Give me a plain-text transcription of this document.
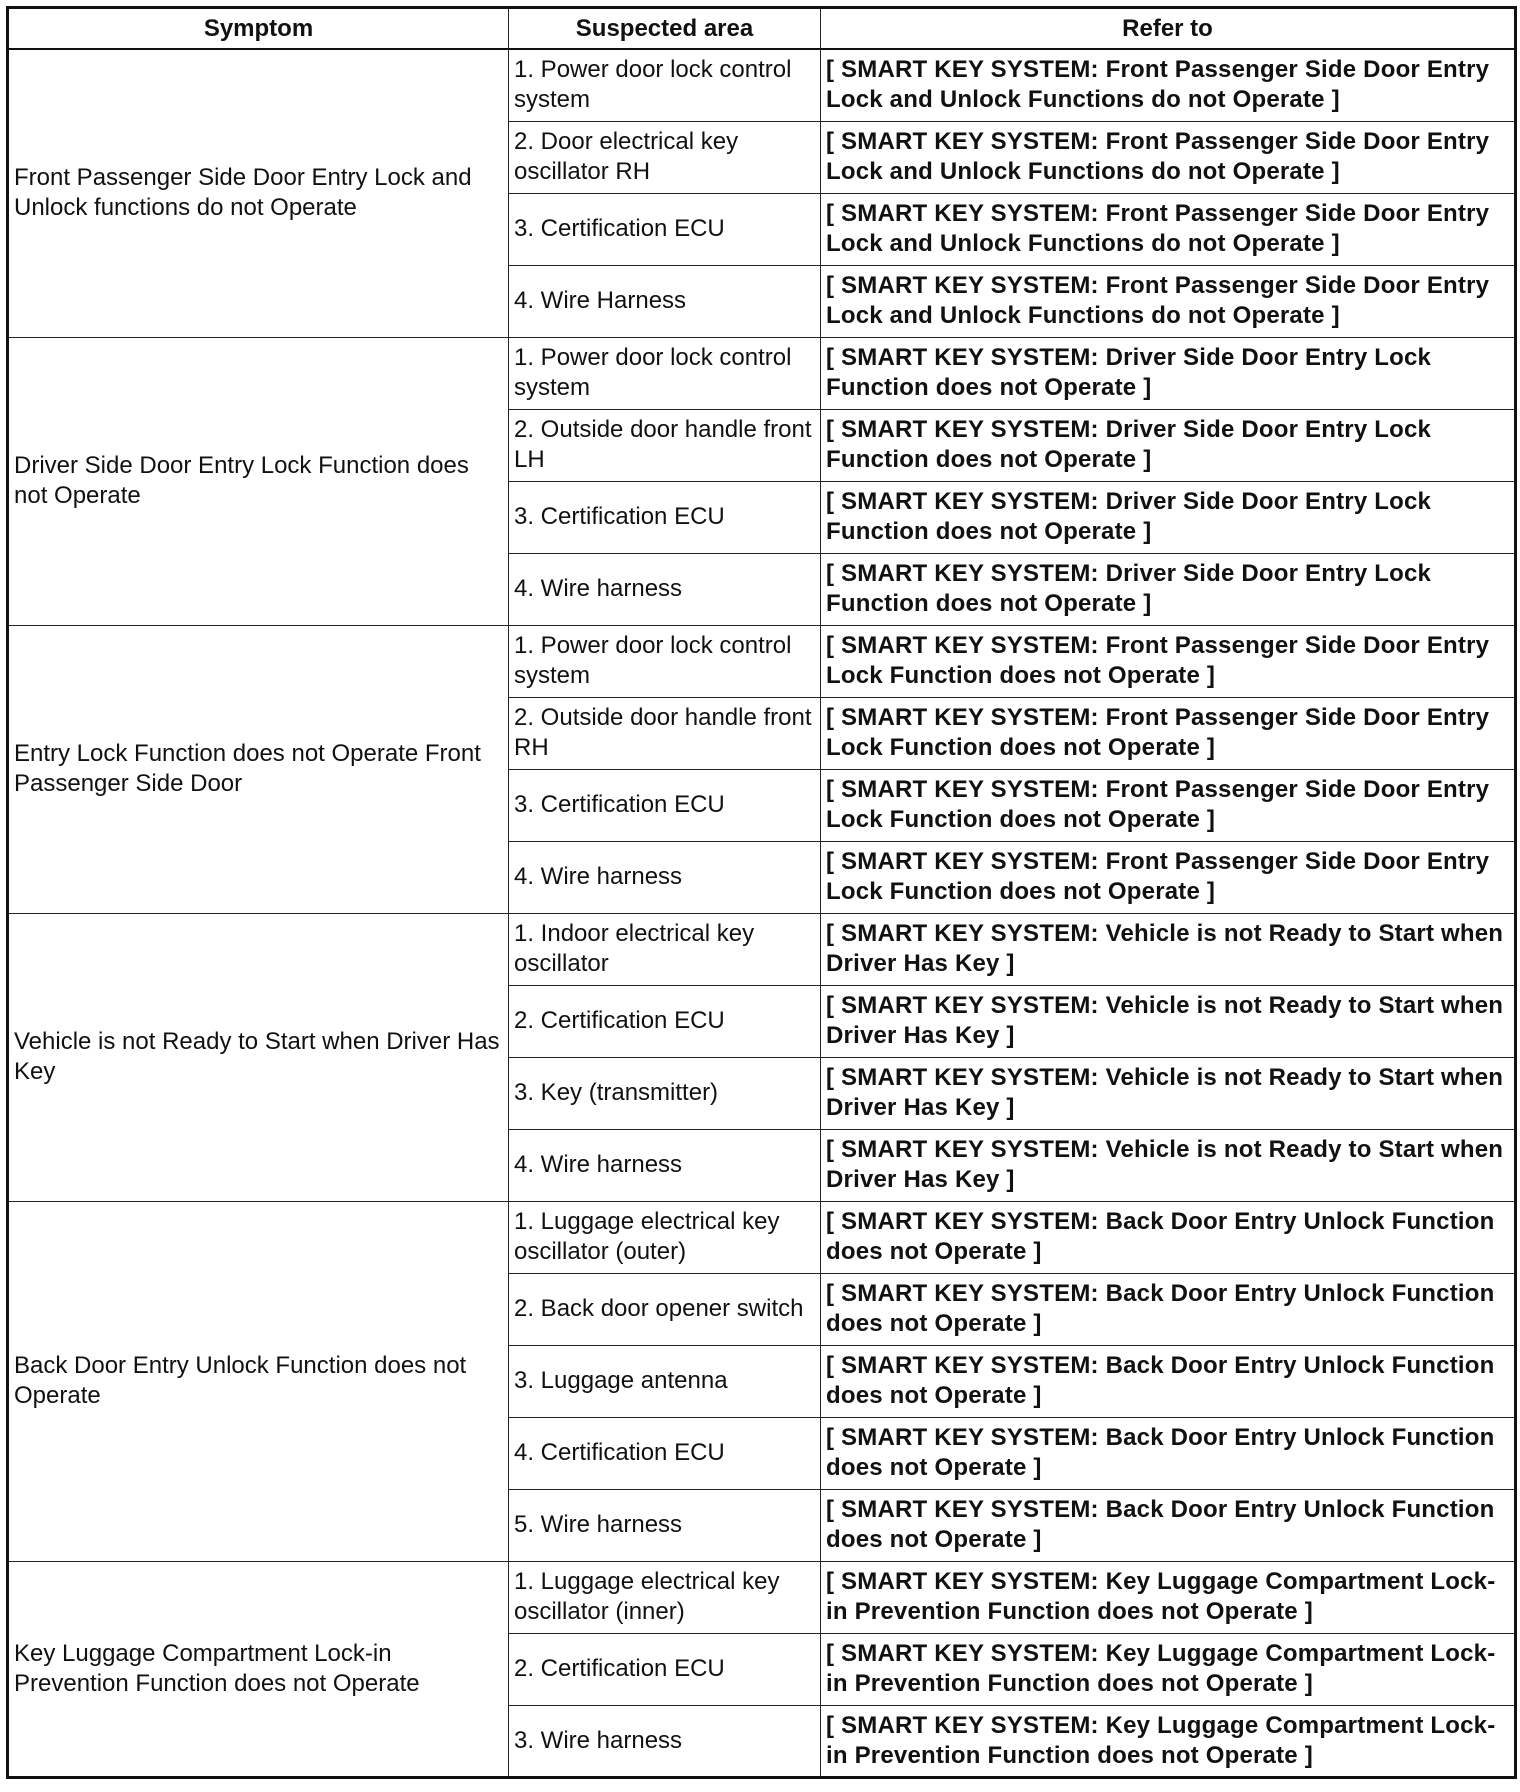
Symptom	Suspected area	Refer to
Front Passenger Side Door Entry Lock and Unlock functions do not Operate	1. Power door lock control system	[ SMART KEY SYSTEM: Front Passenger Side Door Entry Lock and Unlock Functions do not Operate ]
	2. Door electrical key oscillator RH	[ SMART KEY SYSTEM: Front Passenger Side Door Entry Lock and Unlock Functions do not Operate ]
	3. Certification ECU	[ SMART KEY SYSTEM: Front Passenger Side Door Entry Lock and Unlock Functions do not Operate ]
	4. Wire Harness	[ SMART KEY SYSTEM: Front Passenger Side Door Entry Lock and Unlock Functions do not Operate ]
Driver Side Door Entry Lock Function does not Operate	1. Power door lock control system	[ SMART KEY SYSTEM: Driver Side Door Entry Lock Function does not Operate ]
	2. Outside door handle front LH	[ SMART KEY SYSTEM: Driver Side Door Entry Lock Function does not Operate ]
	3. Certification ECU	[ SMART KEY SYSTEM: Driver Side Door Entry Lock Function does not Operate ]
	4. Wire harness	[ SMART KEY SYSTEM: Driver Side Door Entry Lock Function does not Operate ]
Entry Lock Function does not Operate Front Passenger Side Door	1. Power door lock control system	[ SMART KEY SYSTEM: Front Passenger Side Door Entry Lock Function does not Operate ]
	2. Outside door handle front RH	[ SMART KEY SYSTEM: Front Passenger Side Door Entry Lock Function does not Operate ]
	3. Certification ECU	[ SMART KEY SYSTEM: Front Passenger Side Door Entry Lock Function does not Operate ]
	4. Wire harness	[ SMART KEY SYSTEM: Front Passenger Side Door Entry Lock Function does not Operate ]
Vehicle is not Ready to Start when Driver Has Key	1. Indoor electrical key oscillator	[ SMART KEY SYSTEM: Vehicle is not Ready to Start when Driver Has Key ]
	2. Certification ECU	[ SMART KEY SYSTEM: Vehicle is not Ready to Start when Driver Has Key ]
	3. Key (transmitter)	[ SMART KEY SYSTEM: Vehicle is not Ready to Start when Driver Has Key ]
	4. Wire harness	[ SMART KEY SYSTEM: Vehicle is not Ready to Start when Driver Has Key ]
Back Door Entry Unlock Function does not Operate	1. Luggage electrical key oscillator (outer)	[ SMART KEY SYSTEM: Back Door Entry Unlock Function does not Operate ]
	2. Back door opener switch	[ SMART KEY SYSTEM: Back Door Entry Unlock Function does not Operate ]
	3. Luggage antenna	[ SMART KEY SYSTEM: Back Door Entry Unlock Function does not Operate ]
	4. Certification ECU	[ SMART KEY SYSTEM: Back Door Entry Unlock Function does not Operate ]
	5. Wire harness	[ SMART KEY SYSTEM: Back Door Entry Unlock Function does not Operate ]
Key Luggage Compartment Lock-in Prevention Function does not Operate	1. Luggage electrical key oscillator (inner)	[ SMART KEY SYSTEM: Key Luggage Compartment Lock-in Prevention Function does not Operate ]
	2. Certification ECU	[ SMART KEY SYSTEM: Key Luggage Compartment Lock-in Prevention Function does not Operate ]
	3. Wire harness	[ SMART KEY SYSTEM: Key Luggage Compartment Lock-in Prevention Function does not Operate ]
